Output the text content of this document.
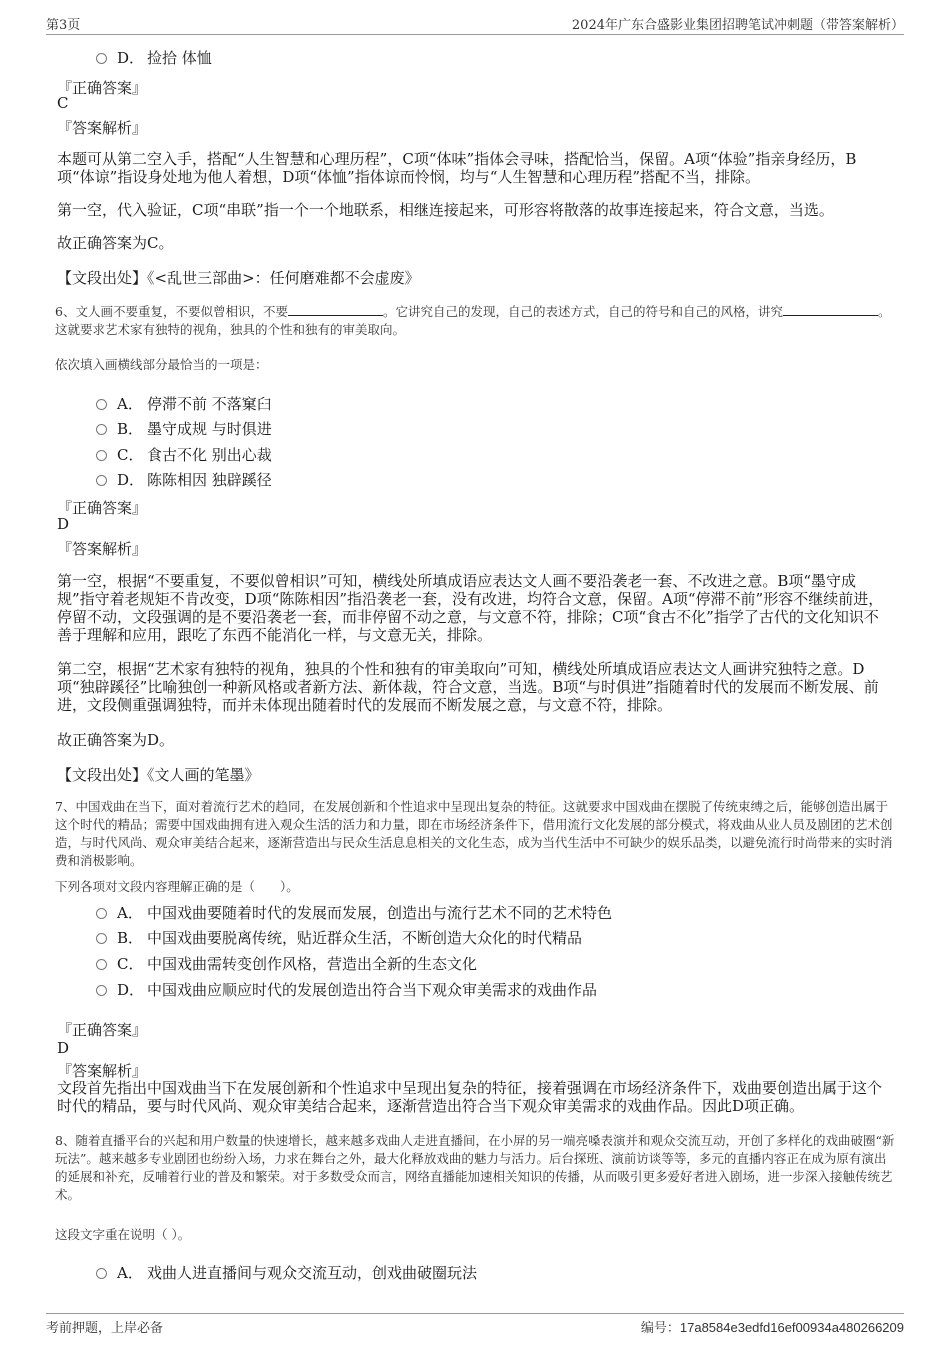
第3页	2024年广东合盛影业集团招聘笔试冲刺题（带答案解析）
D． 捡拾 体恤
『正确答案』
C
『答案解析』
本题可从第二空入手，搭配“人生智慧和心理历程”，C项“体味”指体会寻味，搭配恰当，保留。A项“体验”指亲身经历，B项“体谅”指设身处地为他人着想，D项“体恤”指体谅而怜悯，均与“人生智慧和心理历程”搭配不当，排除。
第一空，代入验证，C项“串联”指一个一个地联系，相继连接起来，可形容将散落的故事连接起来，符合文意，当选。
故正确答案为C。
【文段出处】《<乱世三部曲>：任何磨难都不会虚废》
6、文人画不要重复，不要似曾相识，不要	。它讲究自己的发现，自己的表述方式，自己的符号和自己的风格，讲究	。这就要求艺术家有独特的视角，独具的个性和独有的审美取向。
依次填入画横线部分最恰当的一项是：
A． 停滞不前 不落窠臼
B． 墨守成规 与时俱进
C． 食古不化 别出心裁
D． 陈陈相因 独辟蹊径
『正确答案』
D
『答案解析』
第一空，根据“不要重复，不要似曾相识”可知，横线处所填成语应表达文人画不要沿袭老一套、不改进之意。B项“墨守成规”指守着老规矩不肯改变，D项“陈陈相因”指沿袭老一套，没有改进，均符合文意，保留。A项“停滞不前”形容不继续前进，停留不动，文段强调的是不要沿袭老一套，而非停留不动之意，与文意不符，排除；C项“食古不化”指学了古代的文化知识不善于理解和应用，跟吃了东西不能消化一样，与文意无关，排除。
第二空，根据“艺术家有独特的视角，独具的个性和独有的审美取向”可知，横线处所填成语应表达文人画讲究独特之意。D项“独辟蹊径”比喻独创一种新风格或者新方法、新体裁，符合文意，当选。B项“与时俱进”指随着时代的发展而不断发展、前进，文段侧重强调独特，而并未体现出随着时代的发展而不断发展之意，与文意不符，排除。
故正确答案为D。
【文段出处】《文人画的笔墨》
7、中国戏曲在当下，面对着流行艺术的趋同，在发展创新和个性追求中呈现出复杂的特征。这就要求中国戏曲在摆脱了传统束缚之后，能够创造出属于这个时代的精品；需要中国戏曲拥有进入观众生活的活力和力量，即在市场经济条件下，借用流行文化发展的部分模式，将戏曲从业人员及剧团的艺术创造，与时代风尚、观众审美结合起来，逐渐营造出与民众生活息息相关的文化生态，成为当代生活中不可缺少的娱乐品类，以避免流行时尚带来的实时消费和消极影响。
下列各项对文段内容理解正确的是（　　）。
A． 中国戏曲要随着时代的发展而发展，创造出与流行艺术不同的艺术特色
B． 中国戏曲要脱离传统，贴近群众生活，不断创造大众化的时代精品
C． 中国戏曲需转变创作风格，营造出全新的生态文化
D． 中国戏曲应顺应时代的发展创造出符合当下观众审美需求的戏曲作品
『正确答案』
D
『答案解析』
文段首先指出中国戏曲当下在发展创新和个性追求中呈现出复杂的特征，接着强调在市场经济条件下，戏曲要创造出属于这个时代的精品，要与时代风尚、观众审美结合起来，逐渐营造出符合当下观众审美需求的戏曲作品。因此D项正确。
8、随着直播平台的兴起和用户数量的快速增长，越来越多戏曲人走进直播间，在小屏的另一端亮嗓表演并和观众交流互动，开创了多样化的戏曲破圈“新玩法”。越来越多专业剧团也纷纷入场，力求在舞台之外，最大化释放戏曲的魅力与活力。后台探班、演前访谈等等，多元的直播内容正在成为原有演出的延展和补充，反哺着行业的普及和繁荣。对于多数受众而言，网络直播能加速相关知识的传播，从而吸引更多爱好者进入剧场，进一步深入接触传统艺术。
这段文字重在说明（ ）。
A． 戏曲人进直播间与观众交流互动，创戏曲破圈玩法
考前押题，上岸必备	编号：17a8584e3edfd16ef00934a480266209
